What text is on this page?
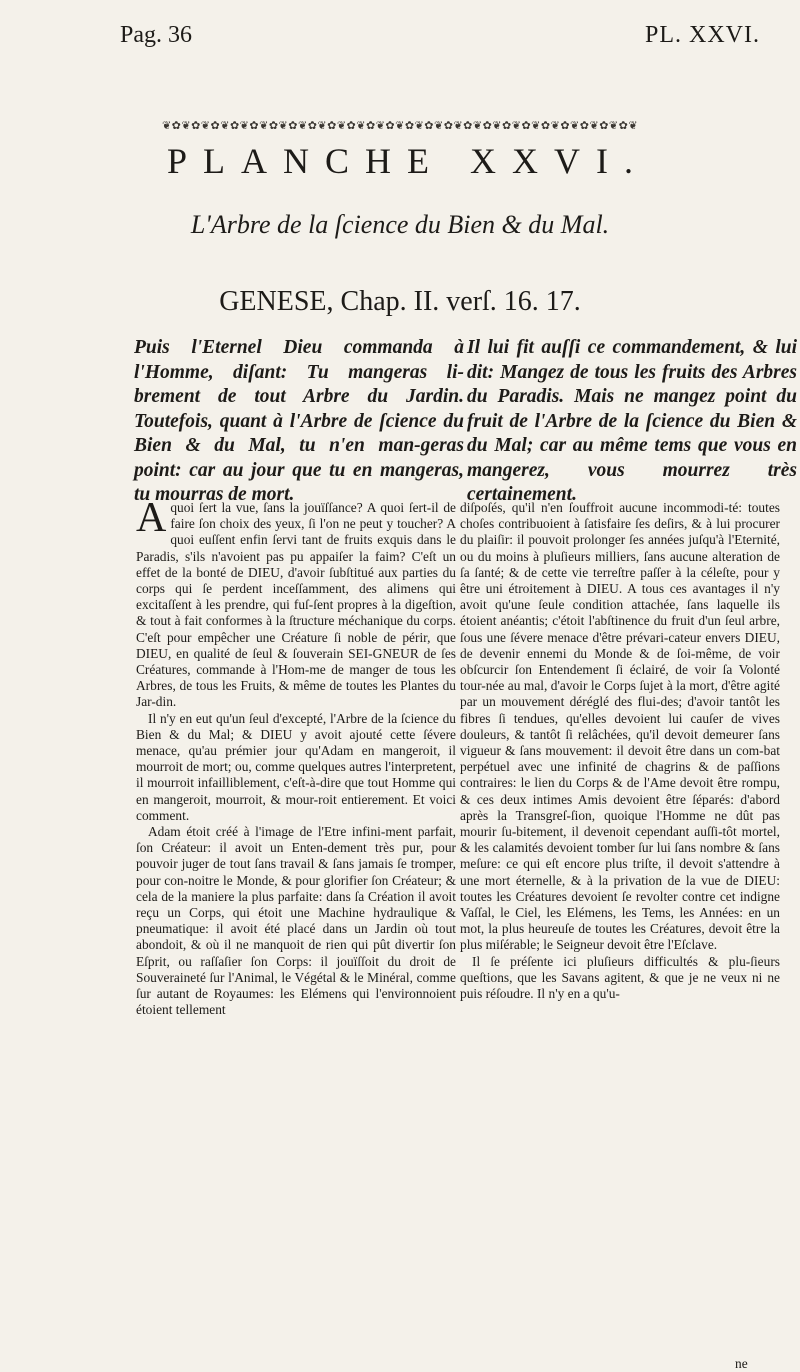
Pag. 36	PL. XXVI.
❦✿❦✿❦✿❦✿❦✿❦✿❦✿❦✿❦✿❦✿❦✿❦✿❦✿❦✿❦✿❦✿❦✿❦✿❦✿❦✿❦✿❦✿❦✿❦✿❦
PLANCHE XXVI.
L'Arbre de la ſcience du Bien & du Mal.
GENESE, Chap. II. verſ. 16. 17.
Puis l'Eternel Dieu commanda à l'Homme, diſant: Tu mangeras li-brement de tout Arbre du Jardin. Toutefois, quant à l'Arbre de ſcience du Bien & du Mal, tu n'en man-geras point: car au jour que tu en mangeras, tu mourras de mort.
Il lui fit auſſi ce commandement, & lui dit: Mangez de tous les fruits des Arbres du Paradis. Mais ne mangez point du fruit de l'Arbre de la ſcience du Bien & du Mal; car au même tems que vous en mangerez, vous mourrez très certainement.

Aquoi ſert la vue, ſans la jouïſſance? A quoi ſert-il de faire ſon choix des yeux, ſi l'on ne peut y toucher? A quoi euſſent enfin ſervi tant de fruits exquis dans le Paradis, s'ils n'avoient pas pu appaiſer la faim? C'eſt un effet de la bonté de DIEU, d'avoir ſubſtitué aux parties du corps qui ſe perdent inceſſamment, des alimens qui excitaſſent à les prendre, qui fuſ-ſent propres à la digeſtion, & tout à fait conformes à la ſtructure méchanique du corps. C'eſt pour empêcher une Créature ſi noble de périr, que DIEU, en qualité de ſeul & ſouverain SEI-GNEUR de ſes Créatures, commande à l'Hom-me de manger de tous les Arbres, de tous les Fruits, & même de toutes les Plantes du Jar-din.

Il n'y en eut qu'un ſeul d'excepté, l'Arbre de la ſcience du Bien & du Mal; & DIEU y avoit ajouté cette ſévere menace, qu'au prémier jour qu'Adam en mangeroit, il mourroit de mort; ou, comme quelques autres l'interpretent, il mourroit infailliblement, c'eſt-à-dire que tout Homme qui en mangeroit, mourroit, & mour-roit entierement. Et voici comment.

Adam étoit créé à l'image de l'Etre infini-ment parfait, ſon Créateur: il avoit un Enten-dement très pur, pour pouvoir juger de tout ſans travail & ſans jamais ſe tromper, pour con-noitre le Monde, & pour glorifier ſon Créateur; & cela de la maniere la plus parfaite: dans ſa Création il avoit reçu un Corps, qui étoit une Machine hydraulique & pneumatique: il avoit été placé dans un Jardin où tout abondoit, & où il ne manquoit de rien qui pût divertir ſon Eſprit, ou raſſaſier ſon Corps: il jouïſſoit du droit de Souveraineté ſur l'Animal, le Végétal & le Minéral, comme ſur autant de Royaumes: les Elémens qui l'environnoient étoient tellement

diſpoſés, qu'il n'en ſouffroit aucune incommodi-té: toutes choſes contribuoient à ſatisfaire ſes deſirs, & à lui procurer du plaiſir: il pouvoit prolonger ſes années juſqu'à l'Eternité, ou du moins à pluſieurs milliers, ſans aucune alteration de ſa ſanté; & de cette vie terreſtre paſſer à la céleſte, pour y être uni étroitement à DIEU. A tous ces avantages il n'y avoit qu'une ſeule condition attachée, ſans laquelle ils étoient anéantis; c'étoit l'abſtinence du fruit d'un ſeul arbre, ſous une ſévere menace d'être prévari-cateur envers DIEU, de devenir ennemi du Monde & de ſoi-même, de voir obſcurcir ſon Entendement ſi éclairé, de voir ſa Volonté tour-née au mal, d'avoir le Corps ſujet à la mort, d'être agité par un mouvement déréglé des flui-des; d'avoir tantôt les fibres ſi tendues, qu'elles devoient lui cauſer de vives douleurs, & tantôt ſi relâchées, qu'il devoit demeurer ſans vigueur & ſans mouvement: il devoit être dans un com-bat perpétuel avec une infinité de chagrins & de paſſions contraires: le lien du Corps & de l'Ame devoit être rompu, & ces deux intimes Amis devoient être ſéparés: d'abord après la Transgreſ-ſion, quoique l'Homme ne dût pas mourir ſu-bitement, il devenoit cependant auſſi-tôt mortel, & les calamités devoient tomber ſur lui ſans nombre & ſans meſure: ce qui eſt encore plus triſte, il devoit s'attendre à une mort éternelle, & à la privation de la vue de DIEU: toutes les Créatures devoient ſe revolter contre cet indigne Vaſſal, le Ciel, les Elémens, les Tems, les Années: en un mot, la plus heureuſe de toutes les Créatures, devoit être la plus miſérable; le Seigneur devoit être l'Eſclave.

Il ſe préſente ici pluſieurs difficultés & plu-ſieurs queſtions, que les Savans agitent, & que je ne veux ni ne puis réſoudre. Il n'y en a qu'u-

ne
